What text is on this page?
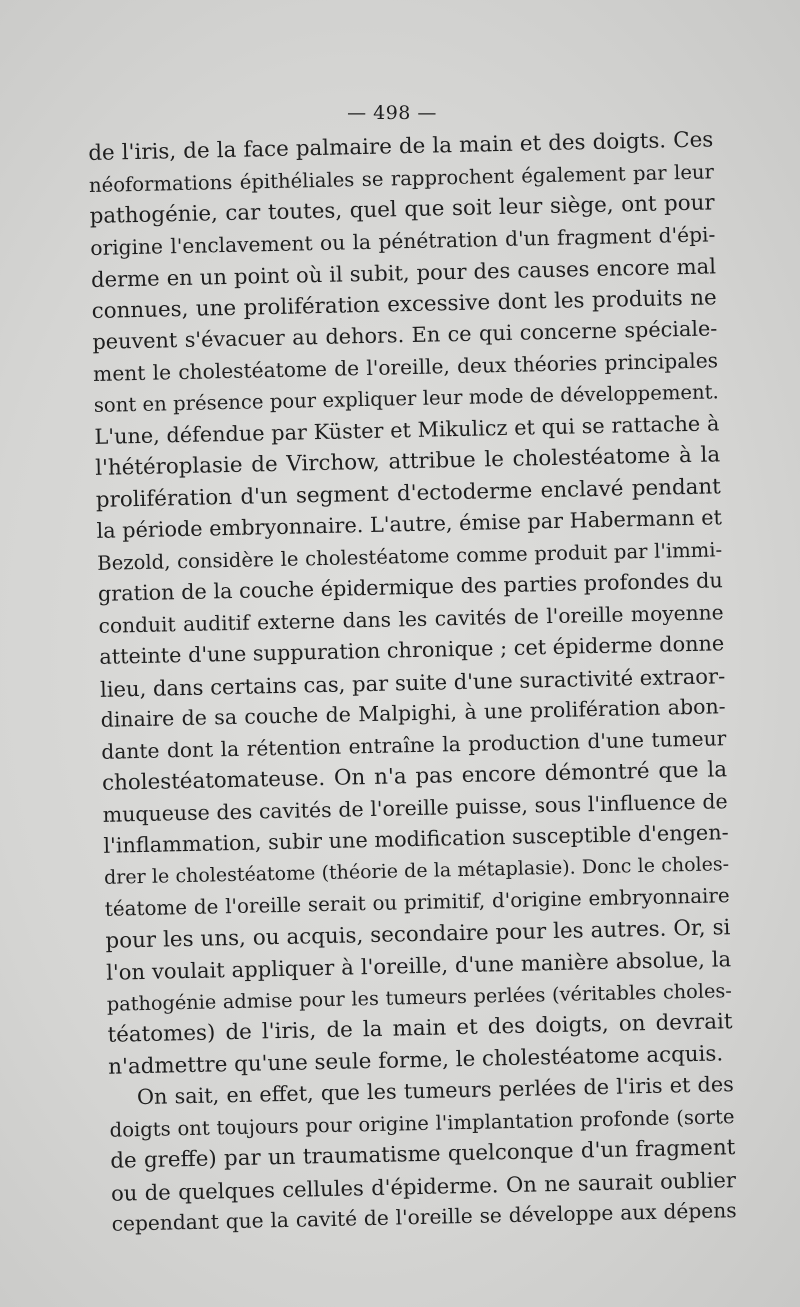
— 498 —
de l'iris, de la face palmaire de la main et des doigts. Ces
néoformations épithéliales se rapprochent également par leur
pathogénie, car toutes, quel que soit leur siège, ont pour
origine l'enclavement ou la pénétration d'un fragment d'épi-
derme en un point où il subit, pour des causes encore mal
connues, une prolifération excessive dont les produits ne
peuvent s'évacuer au dehors. En ce qui concerne spéciale-
ment le cholestéatome de l'oreille, deux théories principales
sont en présence pour expliquer leur mode de développement.
L'une, défendue par Küster et Mikulicz et qui se rattache à
l'hétéroplasie de Virchow, attribue le cholestéatome à la
prolifération d'un segment d'ectoderme enclavé pendant
la période embryonnaire. L'autre, émise par Habermann et
Bezold, considère le cholestéatome comme produit par l'immi-
gration de la couche épidermique des parties profondes du
conduit auditif externe dans les cavités de l'oreille moyenne
atteinte d'une suppuration chronique ; cet épiderme donne
lieu, dans certains cas, par suite d'une suractivité extraor-
dinaire de sa couche de Malpighi, à une prolifération abon-
dante dont la rétention entraîne la production d'une tumeur
cholestéatomateuse. On n'a pas encore démontré que la
muqueuse des cavités de l'oreille puisse, sous l'influence de
l'inflammation, subir une modification susceptible d'engen-
drer le cholestéatome (théorie de la métaplasie). Donc le choles-
téatome de l'oreille serait ou primitif, d'origine embryonnaire
pour les uns, ou acquis, secondaire pour les autres. Or, si
l'on voulait appliquer à l'oreille, d'une manière absolue, la
pathogénie admise pour les tumeurs perlées (véritables choles-
téatomes) de l'iris, de la main et des doigts, on devrait
n'admettre qu'une seule forme, le cholestéatome acquis.
On sait, en effet, que les tumeurs perlées de l'iris et des
doigts ont toujours pour origine l'implantation profonde (sorte
de greffe) par un traumatisme quelconque d'un fragment
ou de quelques cellules d'épiderme. On ne saurait oublier
cependant que la cavité de l'oreille se développe aux dépens
